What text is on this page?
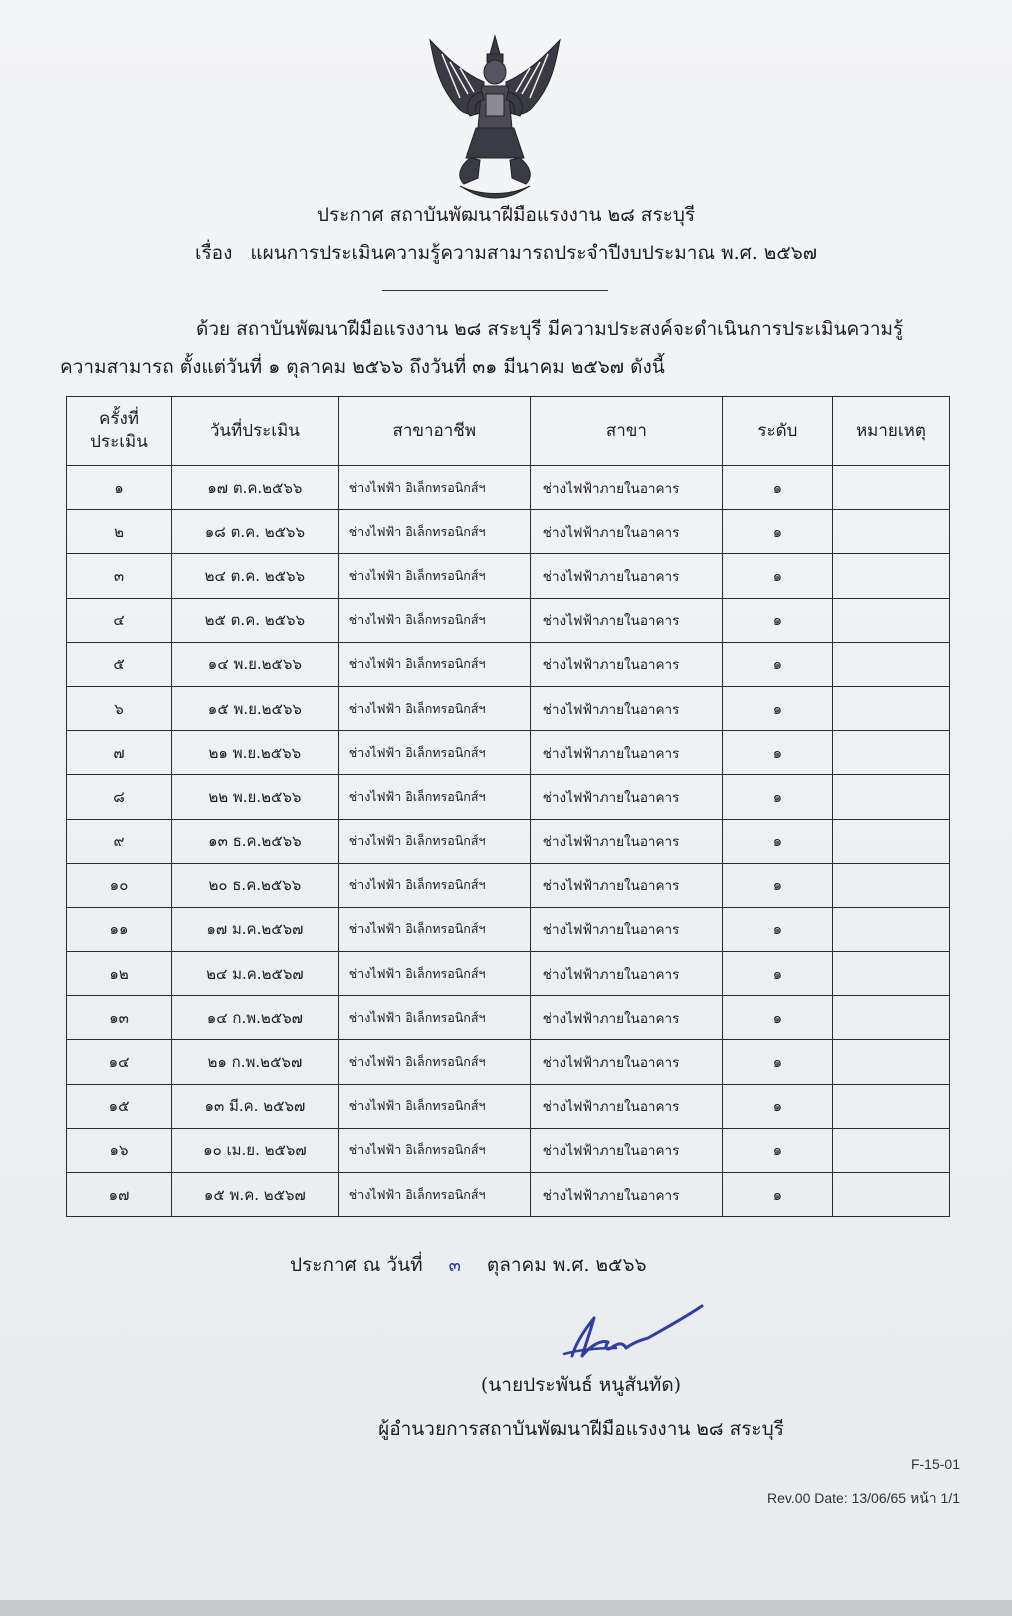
ประกาศ สถาบันพัฒนาฝีมือแรงงาน ๒๘ สระบุรี
เรื่อง แผนการประเมินความรู้ความสามารถประจำปีงบประมาณ พ.ศ. ๒๕๖๗
ด้วย สถาบันพัฒนาฝีมือแรงงาน ๒๘ สระบุรี มีความประสงค์จะดำเนินการประเมินความรู้
ความสามารถ ตั้งแต่วันที่ ๑ ตุลาคม ๒๕๖๖ ถึงวันที่ ๓๑ มีนาคม ๒๕๖๗ ดังนี้
ครั้งที่
ประเมิน	วันที่ประเมิน	สาขาอาชีพ	สาขา	ระดับ	หมายเหตุ
๑	๑๗ ต.ค.๒๕๖๖	ช่างไฟฟ้า อิเล็กทรอนิกส์ฯ	ช่างไฟฟ้าภายในอาคาร	๑	
๒	๑๘ ต.ค. ๒๕๖๖	ช่างไฟฟ้า อิเล็กทรอนิกส์ฯ	ช่างไฟฟ้าภายในอาคาร	๑	
๓	๒๔ ต.ค. ๒๕๖๖	ช่างไฟฟ้า อิเล็กทรอนิกส์ฯ	ช่างไฟฟ้าภายในอาคาร	๑	
๔	๒๕ ต.ค. ๒๕๖๖	ช่างไฟฟ้า อิเล็กทรอนิกส์ฯ	ช่างไฟฟ้าภายในอาคาร	๑	
๕	๑๔ พ.ย.๒๕๖๖	ช่างไฟฟ้า อิเล็กทรอนิกส์ฯ	ช่างไฟฟ้าภายในอาคาร	๑	
๖	๑๕ พ.ย.๒๕๖๖	ช่างไฟฟ้า อิเล็กทรอนิกส์ฯ	ช่างไฟฟ้าภายในอาคาร	๑	
๗	๒๑ พ.ย.๒๕๖๖	ช่างไฟฟ้า อิเล็กทรอนิกส์ฯ	ช่างไฟฟ้าภายในอาคาร	๑	
๘	๒๒ พ.ย.๒๕๖๖	ช่างไฟฟ้า อิเล็กทรอนิกส์ฯ	ช่างไฟฟ้าภายในอาคาร	๑	
๙	๑๓ ธ.ค.๒๕๖๖	ช่างไฟฟ้า อิเล็กทรอนิกส์ฯ	ช่างไฟฟ้าภายในอาคาร	๑	
๑๐	๒๐ ธ.ค.๒๕๖๖	ช่างไฟฟ้า อิเล็กทรอนิกส์ฯ	ช่างไฟฟ้าภายในอาคาร	๑	
๑๑	๑๗ ม.ค.๒๕๖๗	ช่างไฟฟ้า อิเล็กทรอนิกส์ฯ	ช่างไฟฟ้าภายในอาคาร	๑	
๑๒	๒๔ ม.ค.๒๕๖๗	ช่างไฟฟ้า อิเล็กทรอนิกส์ฯ	ช่างไฟฟ้าภายในอาคาร	๑	
๑๓	๑๔ ก.พ.๒๕๖๗	ช่างไฟฟ้า อิเล็กทรอนิกส์ฯ	ช่างไฟฟ้าภายในอาคาร	๑	
๑๔	๒๑ ก.พ.๒๕๖๗	ช่างไฟฟ้า อิเล็กทรอนิกส์ฯ	ช่างไฟฟ้าภายในอาคาร	๑	
๑๕	๑๓ มี.ค. ๒๕๖๗	ช่างไฟฟ้า อิเล็กทรอนิกส์ฯ	ช่างไฟฟ้าภายในอาคาร	๑	
๑๖	๑๐ เม.ย. ๒๕๖๗	ช่างไฟฟ้า อิเล็กทรอนิกส์ฯ	ช่างไฟฟ้าภายในอาคาร	๑	
๑๗	๑๕ พ.ค. ๒๕๖๗	ช่างไฟฟ้า อิเล็กทรอนิกส์ฯ	ช่างไฟฟ้าภายในอาคาร	๑	
ประกาศ ณ วันที่ ๓ ตุลาคม พ.ศ. ๒๕๖๖
(นายประพันธ์ หนูสันทัด)
ผู้อำนวยการสถาบันพัฒนาฝีมือแรงงาน ๒๘ สระบุรี
F-15-01
Rev.00 Date: 13/06/65 หน้า 1/1
